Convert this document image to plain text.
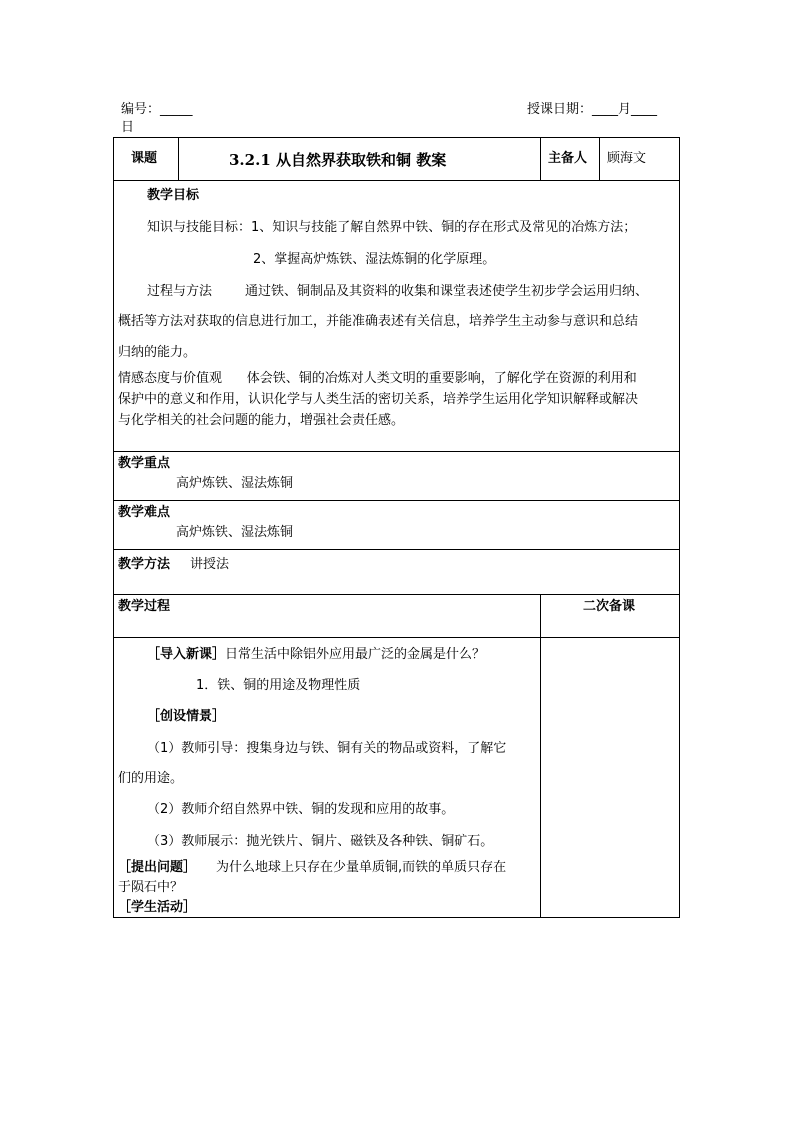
编号：_____	授课日期：____月____
日
课题	3.2.1 从自然界获取铁和铜 教案	主备人 顾海文
教学目标
知识与技能目标：1、知识与技能了解自然界中铁、铜的存在形式及常见的冶炼方法；
2、掌握高炉炼铁、湿法炼铜的化学原理。
过程与方法        通过铁、铜制品及其资料的收集和课堂表述使学生初步学会运用归纳、
概括等方法对获取的信息进行加工，并能准确表述有关信息，培养学生主动参与意识和总结
归纳的能力。
情感态度与价值观      体会铁、铜的冶炼对人类文明的重要影响，了解化学在资源的利用和
保护中的意义和作用，认识化学与人类生活的密切关系，培养学生运用化学知识解释或解决
与化学相关的社会问题的能力，增强社会责任感。
教学重点
高炉炼铁、湿法炼铜
教学难点
高炉炼铁、湿法炼铜
教学方法 讲授法
教学过程	二次备课
［导入新课］日常生活中除铝外应用最广泛的金属是什么？
1．铁、铜的用途及物理性质
［创设情景］
（1）教师引导：搜集身边与铁、铜有关的物品或资料，了解它
们的用途。
（2）教师介绍自然界中铁、铜的发现和应用的故事。
（3）教师展示：抛光铁片、铜片、磁铁及各种铁、铜矿石。
［提出问题］ 为什么地球上只存在少量单质铜,而铁的单质只存在
于陨石中？
［学生活动］
